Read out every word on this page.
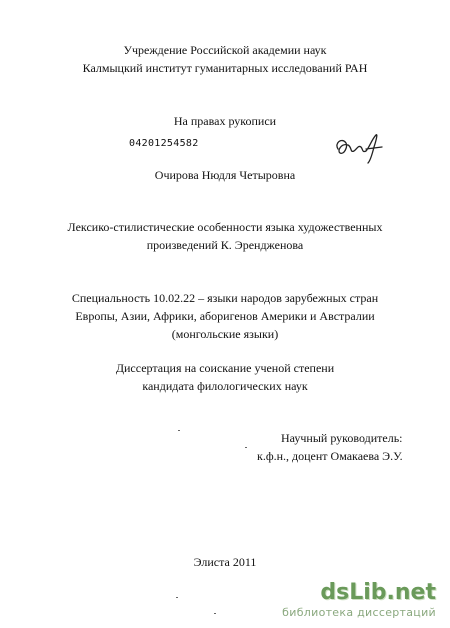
Учреждение Российской академии наук
Калмыцкий институт гуманитарных исследований РАН
На правах рукописи
04201254582
Очирова Нюдля Четыровна
Лексико-стилистические особенности языка художественных
произведений К. Эрендженова
Специальность 10.02.22 – языки народов зарубежных стран
Европы, Азии, Африки, аборигенов Америки и Австралии
(монгольские языки)
Диссертация на соискание ученой степени
кандидата филологических наук
Научный руководитель:
к.ф.н., доцент Омакаева Э.У.
Элиста 2011
dsLib.net
библиотека диссертаций
